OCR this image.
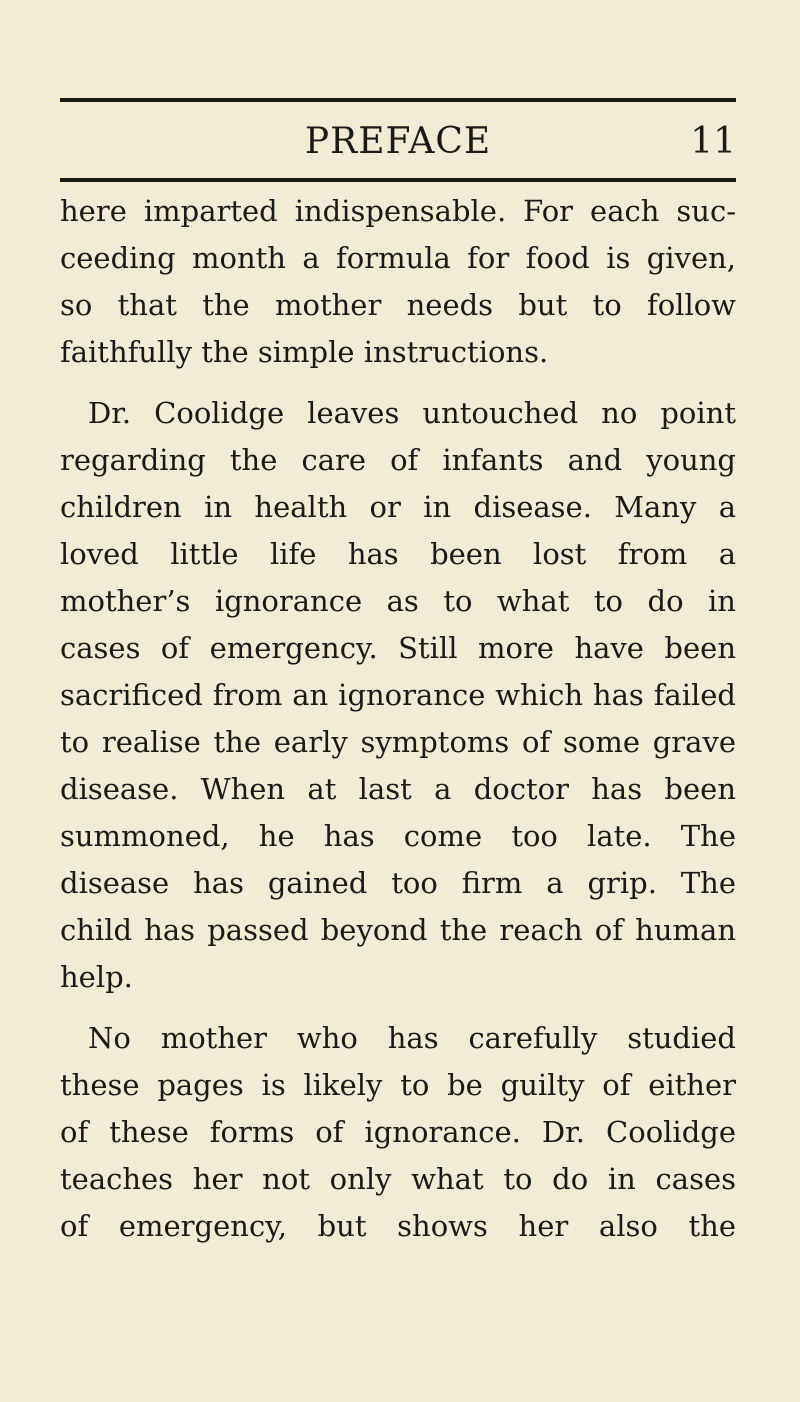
PREFACE	11
here imparted indispensable. For each suc-
ceeding month a formula for food is given,
so that the mother needs but to follow
faithfully the simple instructions.
Dr. Coolidge leaves untouched no point
regarding the care of infants and young
children in health or in disease. Many a
loved little life has been lost from a
mother’s ignorance as to what to do in
cases of emergency. Still more have been
sacrificed from an ignorance which has failed
to realise the early symptoms of some grave
disease. When at last a doctor has been
summoned, he has come too late. The
disease has gained too firm a grip. The
child has passed beyond the reach of human
help.
No mother who has carefully studied
these pages is likely to be guilty of either
of these forms of ignorance. Dr. Coolidge
teaches her not only what to do in cases
of emergency, but shows her also the
